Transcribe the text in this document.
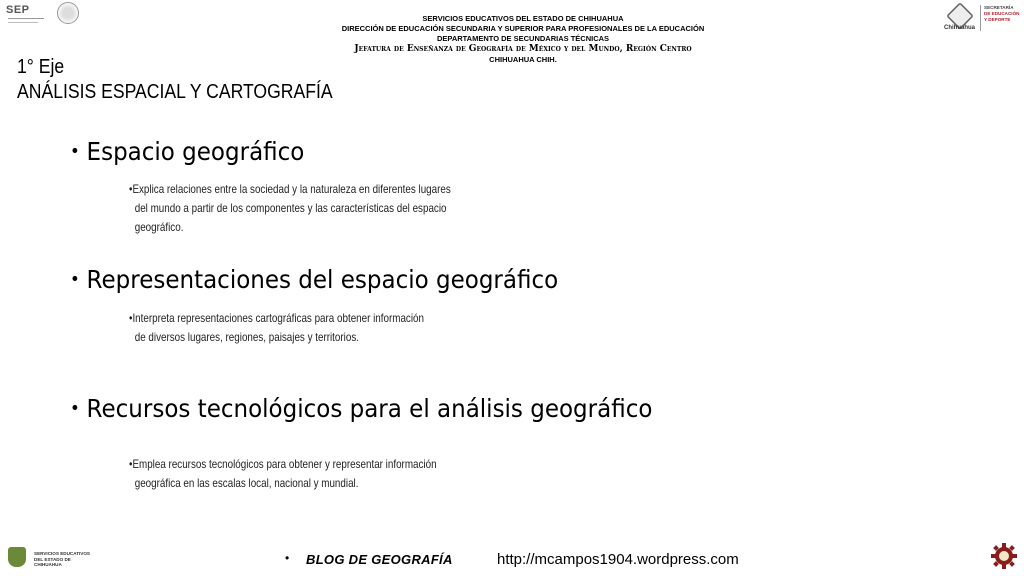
SEP
SERVICIOS EDUCATIVOS DEL ESTADO DE CHIHUAHUA
DIRECCIÓN DE EDUCACIÓN SECUNDARIA Y SUPERIOR PARA PROFESIONALES DE LA EDUCACIÓN
DEPARTAMENTO DE SECUNDARIAS TÉCNICAS
Jefatura de Enseñanza de Geografía de México y del Mundo, Región Centro
CHIHUAHUA CHIH.
Chihuahua
SECRETARÍA
DE EDUCACIÓN
Y DEPORTE
1° Eje
ANÁLISIS ESPACIAL Y CARTOGRAFÍA
• Espacio geográfico
•Explica relaciones entre la sociedad y la naturaleza en diferentes lugares
del mundo a partir de los componentes y las características del espacio
geográfico.
• Representaciones del espacio geográfico
•Interpreta representaciones cartográficas para obtener información
de diversos lugares, regiones, paisajes y territorios.
• Recursos tecnológicos para el análisis geográfico
•Emplea recursos tecnológicos para obtener y representar información
geográfica en las escalas local, nacional y mundial.
SERVICIOS EDUCATIVOS
DEL ESTADO DE
CHIHUAHUA	• BLOG DE GEOGRAFÍA	http://mcampos1904.wordpress.com
